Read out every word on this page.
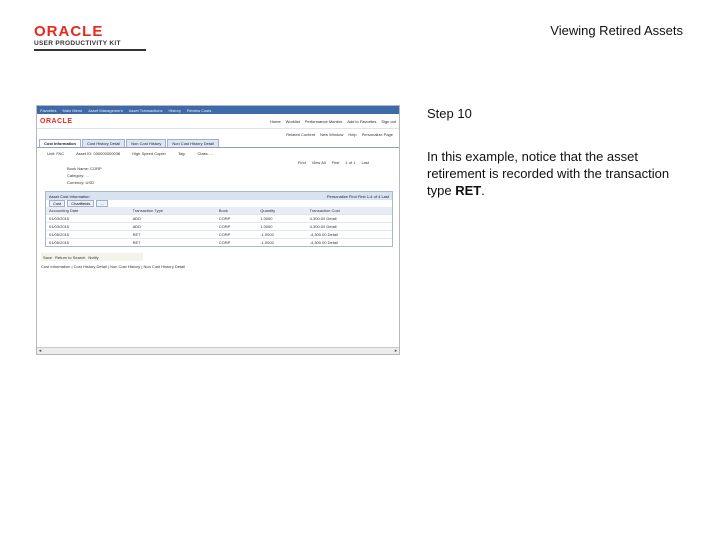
ORACLE
USER PRODUCTIVITY KIT
Viewing Retired Assets
Favorites Main Menu Asset Management Asset Transactions History Review Costs
ORACLE	Home Worklist Performance Monitor Add to Favorites Sign out
Related Content New Window Help Personalize Page
Cost Information	Cost History Detail	Non Cost History	Non Cost History Detail
Unit: FAC	Asset ID: 000000000038	High Speed Copier	Tag:	Class: ...
Find View All First 1 of 1 Last
Book Name: CORP
Category: ...
Currency: USD
Asset Cost Information	Personalize Find First 1-4 of 4 Last
Cost	Chartfields	...
Accounting Date	Transaction Type	Book	Quantity	Transaction Cost
01/03/2015	ADD	CORP	1.0000	4,300.00 Detail
01/03/2015	ADD	CORP	1.0000	4,300.00 Detail
01/05/2015	RET	CORP	-1.0000	-4,300.00 Detail
01/05/2015	RET	CORP	-1.0000	-4,300.00 Detail
Save Return to Search Notify
Cost Information | Cost History Detail | Non Cost History | Non Cost History Detail
◂	▸
Step 10
In this example, notice that the asset retirement is recorded with the transaction type RET.
